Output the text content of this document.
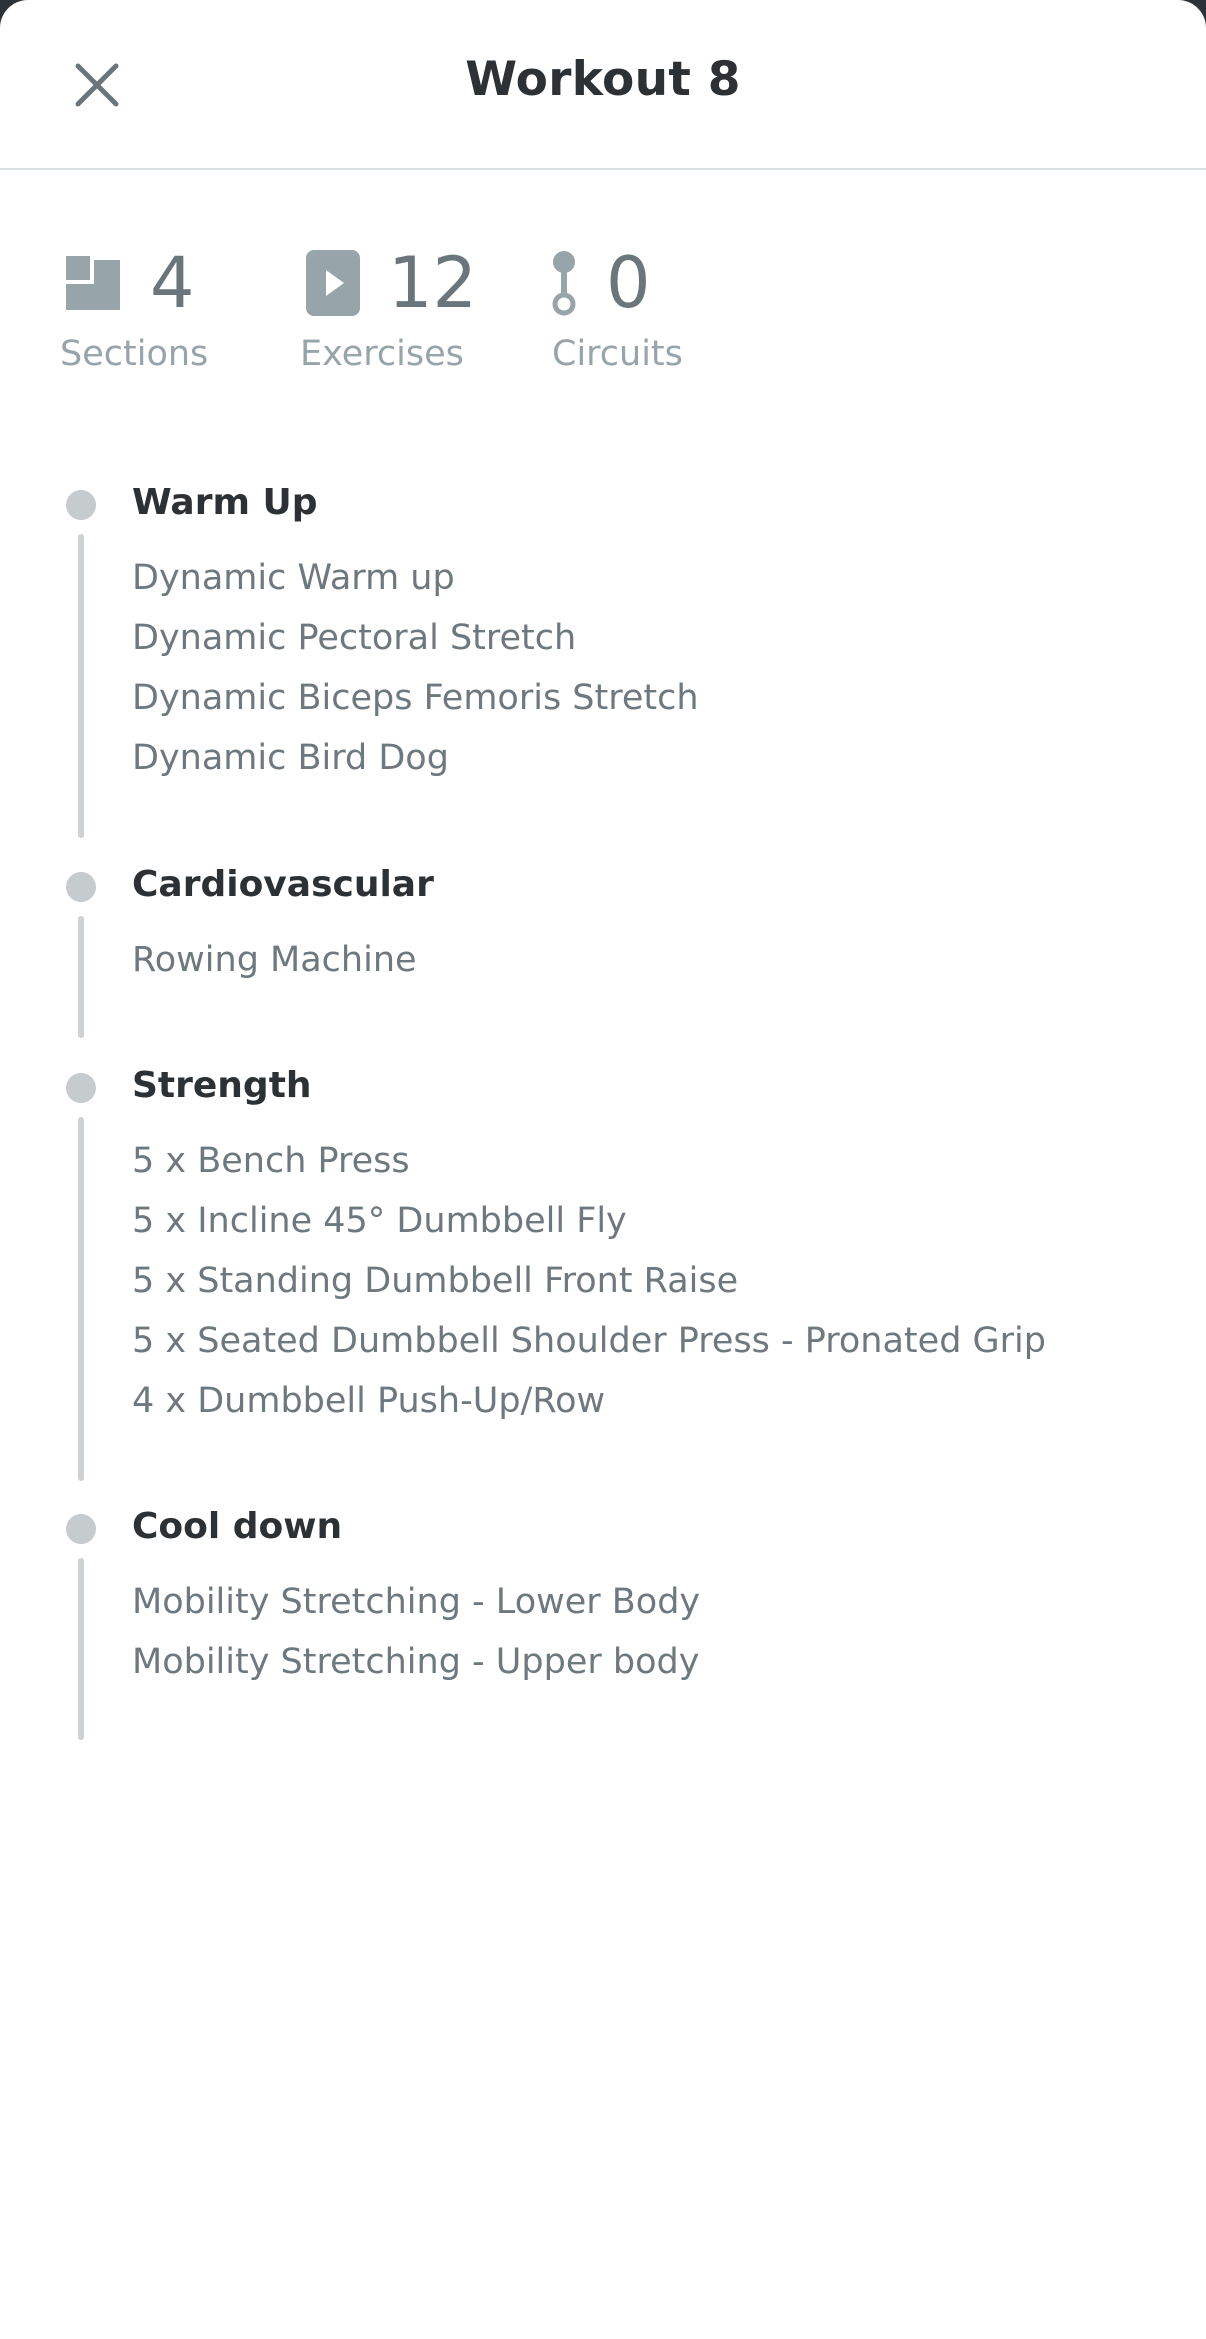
Workout 8
4
Sections
12
Exercises
0
Circuits
Warm Up
Dynamic Warm up
Dynamic Pectoral Stretch
Dynamic Biceps Femoris Stretch
Dynamic Bird Dog
Cardiovascular
Rowing Machine
Strength
5 x Bench Press
5 x Incline 45° Dumbbell Fly
5 x Standing Dumbbell Front Raise
5 x Seated Dumbbell Shoulder Press - Pronated Grip
4 x Dumbbell Push-Up/Row
Cool down
Mobility Stretching - Lower Body
Mobility Stretching - Upper body
